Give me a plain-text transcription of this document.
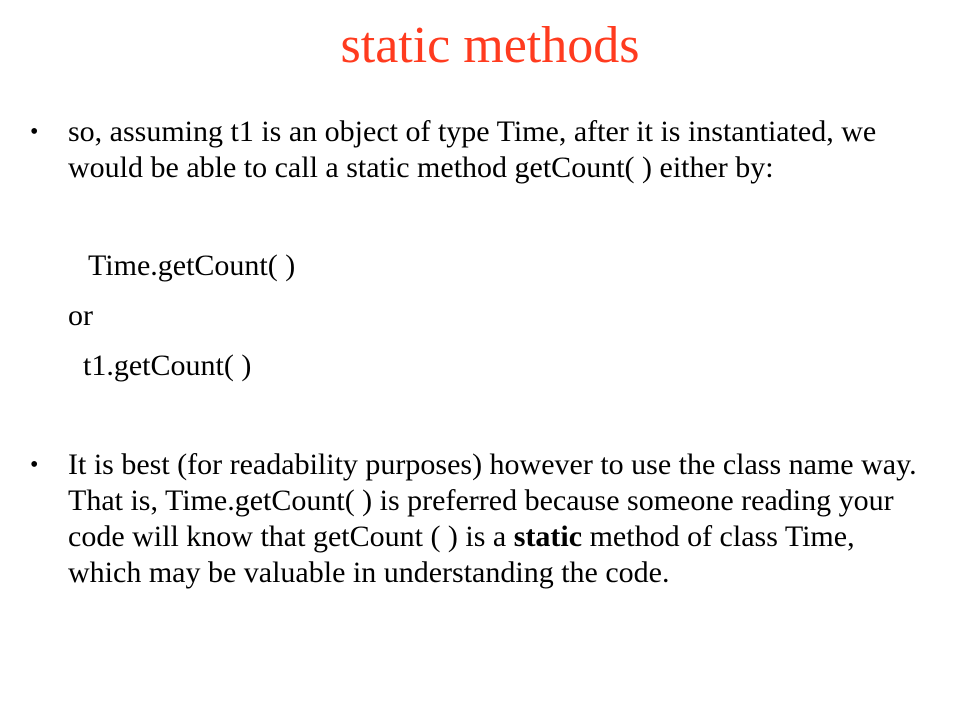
static methods
• so, assuming t1 is an object of type Time, after it is instantiated, we would be able to call a static method getCount( ) either by:
Time.getCount( )
or
t1.getCount( )
• It is best (for readability purposes) however to use the class name way. That is, Time.getCount( ) is preferred because someone reading your code will know that getCount ( ) is a static method of class Time, which may be valuable in understanding the code.
